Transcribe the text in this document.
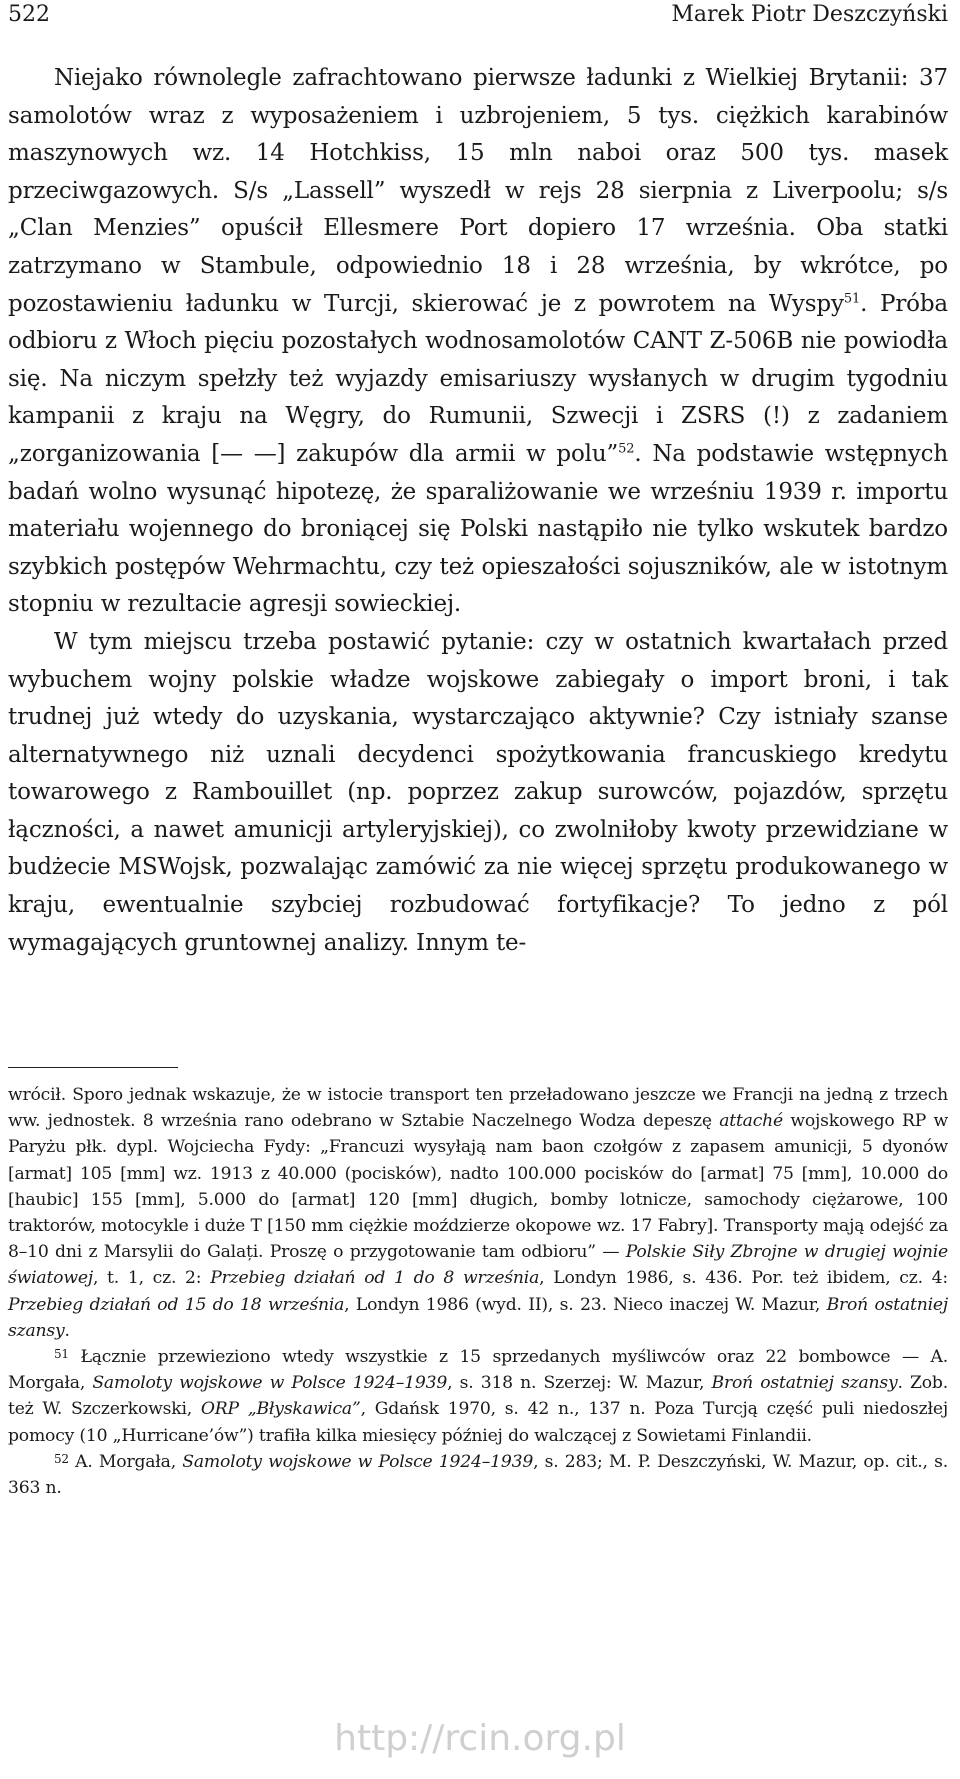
522	Marek Piotr Deszczyński

Niejako równolegle zafrachtowano pierwsze ładunki z Wielkiej Brytanii: 37 samolotów wraz z wyposażeniem i uzbrojeniem, 5 tys. ciężkich karabinów maszynowych wz. 14 Hotchkiss, 15 mln naboi oraz 500 tys. masek przeciwgazowych. S/s „Lassell” wyszedł w rejs 28 sierpnia z Liverpoolu; s/s „Clan Menzies” opuścił Ellesmere Port dopiero 17 września. Oba statki zatrzymano w Stambule, odpowiednio 18 i 28 września, by wkrótce, po pozostawieniu ładunku w Turcji, skierować je z powrotem na Wyspy$^{51}$. Próba odbioru z Włoch pięciu pozostałych wodnosamolotów CANT Z-506B nie powiodła się. Na niczym spełzły też wyjazdy emisariuszy wysłanych w drugim tygodniu kampanii z kraju na Węgry, do Rumunii, Szwecji i ZSRS (!) z zadaniem „zorganizowania [— —] zakupów dla armii w polu”$^{52}$. Na podstawie wstępnych badań wolno wysunąć hipotezę, że sparaliżowanie we wrześniu 1939 r. importu materiału wojennego do broniącej się Polski nastąpiło nie tylko wskutek bardzo szybkich postępów Wehrmachtu, czy też opieszałości sojuszników, ale w istotnym stopniu w rezultacie agresji sowieckiej.

W tym miejscu trzeba postawić pytanie: czy w ostatnich kwartałach przed wybuchem wojny polskie władze wojskowe zabiegały o import broni, i tak trudnej już wtedy do uzyskania, wystarczająco aktywnie? Czy istniały szanse alternatywnego niż uznali decydenci spożytkowania francuskiego kredytu towarowego z Rambouillet (np. poprzez zakup surowców, pojazdów, sprzętu łączności, a nawet amunicji artyleryjskiej), co zwolniłoby kwoty przewidziane w budżecie MSWojsk, pozwalając zamówić za nie więcej sprzętu produkowanego w kraju, ewentualnie szybciej rozbudować fortyfikacje? To jedno z pól wymagających gruntownej analizy. Innym te-

wrócił. Sporo jednak wskazuje, że w istocie transport ten przeładowano jeszcze we Francji na jedną z trzech ww. jednostek. 8 września rano odebrano w Sztabie Naczelnego Wodza depeszę attaché wojskowego RP w Paryżu płk. dypl. Wojciecha Fydy: „Francuzi wysyłają nam baon czołgów z zapasem amunicji, 5 dyonów [armat] 105 [mm] wz. 1913 z 40.000 (pocisków), nadto 100.000 pocisków do [armat] 75 [mm], 10.000 do [haubic] 155 [mm], 5.000 do [armat] 120 [mm] długich, bomby lotnicze, samochody ciężarowe, 100 traktorów, motocykle i duże T [150 mm ciężkie moździerze okopowe wz. 17 Fabry]. Transporty mają odejść za 8–10 dni z Marsylii do Galați. Proszę o przygotowanie tam odbioru” — Polskie Siły Zbrojne w drugiej wojnie światowej, t. 1, cz. 2: Przebieg działań od 1 do 8 września, Londyn 1986, s. 436. Por. też ibidem, cz. 4: Przebieg działań od 15 do 18 września, Londyn 1986 (wyd. II), s. 23. Nieco inaczej W. Mazur, Broń ostatniej szansy.

$^{51}$ Łącznie przewieziono wtedy wszystkie z 15 sprzedanych myśliwców oraz 22 bombowce — A. Morgała, Samoloty wojskowe w Polsce 1924–1939, s. 318 n. Szerzej: W. Mazur, Broń ostatniej szansy. Zob. też W. Szczerkowski, ORP „Błyskawica”, Gdańsk 1970, s. 42 n., 137 n. Poza Turcją część puli niedoszłej pomocy (10 „Hurricane’ów”) trafiła kilka miesięcy później do walczącej z Sowietami Finlandii.

$^{52}$ A. Morgała, Samoloty wojskowe w Polsce 1924–1939, s. 283; M. P. Deszczyński, W. Mazur, op. cit., s. 363 n.

http://rcin.org.pl
